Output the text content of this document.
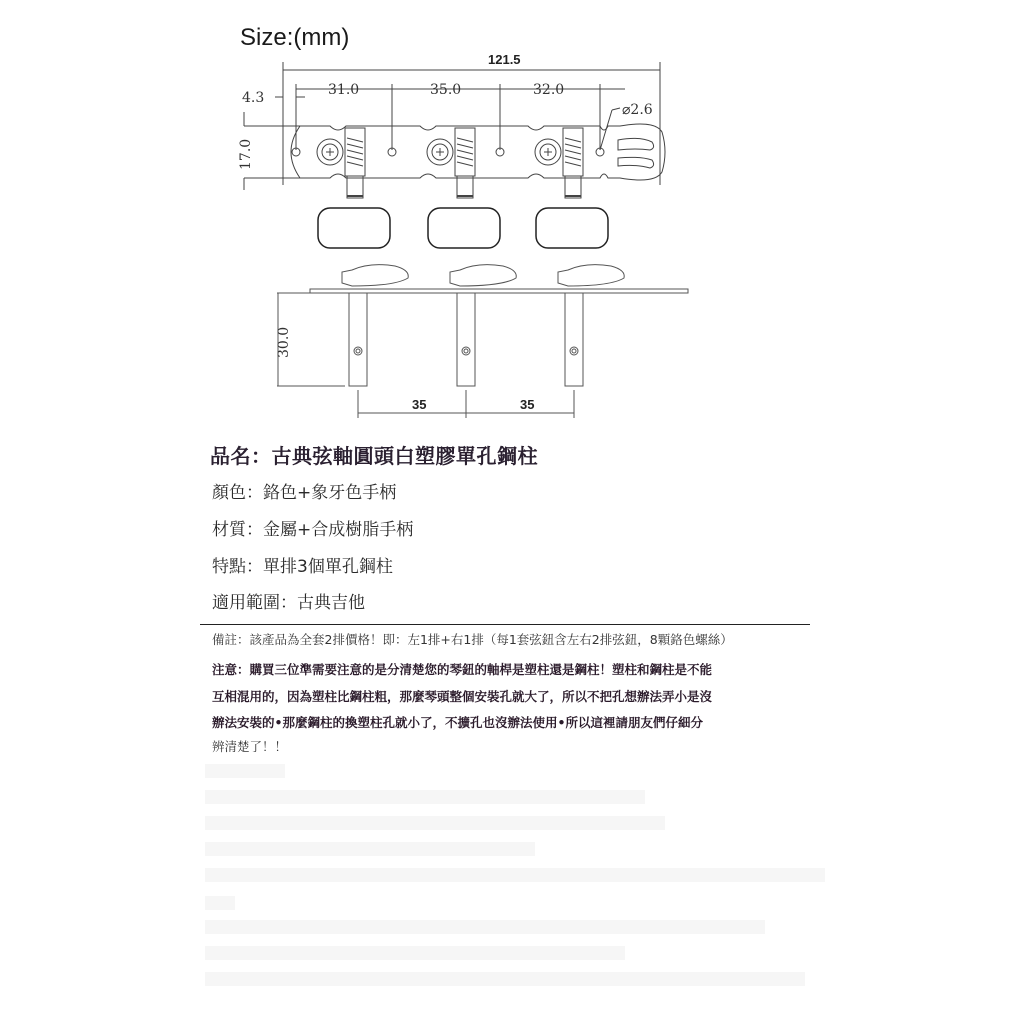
Size:(mm)
121.5
31.0	35.0	32.0
4.3
⌀2.6
17.0
30.0
35	35
品名：古典弦軸圓頭白塑膠單孔鋼柱
顏色：鉻色+象牙色手柄
材質：金屬+合成樹脂手柄
特點：單排3個單孔鋼柱
適用範圍：古典吉他
備註：該產品為全套2排價格！即：左1排+右1排（每1套弦鈕含左右2排弦鈕，8顆鉻色螺絲）
注意：購買三位準需要注意的是分清楚您的琴鈕的軸桿是塑柱還是鋼柱！塑柱和鋼柱是不能
互相混用的，因為塑柱比鋼柱粗，那麼琴頭整個安裝孔就大了，所以不把孔想辦法弄小是沒
辦法安裝的•那麼鋼柱的換塑柱孔就小了，不擴孔也沒辦法使用•所以這裡請朋友們仔細分
辨清楚了！！
